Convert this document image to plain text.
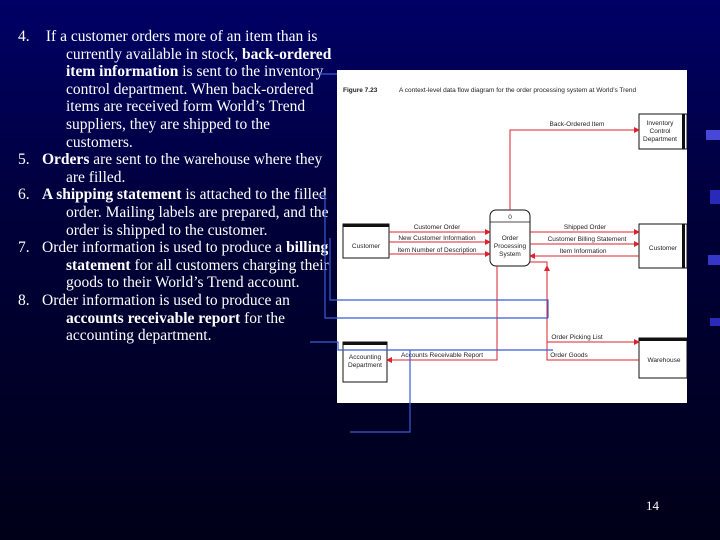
4. If a customer orders more of an item than is currently available in stock, back-ordered item information is sent to the inventory control department. When back-ordered items are received form World’s Trend suppliers, they are shipped to the customers.
5. Orders are sent to the warehouse where they are filled.
6. A shipping statement is attached to the filled order. Mailing labels are prepared, and the order is shipped to the customer.
7. Order information is used to produce a billing statement for all customers charging their goods to their World’s Trend account.
8. Order information is used to produce an accounts receivable report for the accounting department.
Figure 7.23	A context-level data flow diagram for the order processing system at World’s Trend
Inventory
Control
Department
Customer	Customer
Accounting
Department
Warehouse
0
Order
Processing
System
Back-Ordered Item
Customer Order
New Customer Information
Item Number of Description
Shipped Order
Customer Billing Statement
Item Information
Order Picking List
Order Goods
Accounts Receivable Report
14
